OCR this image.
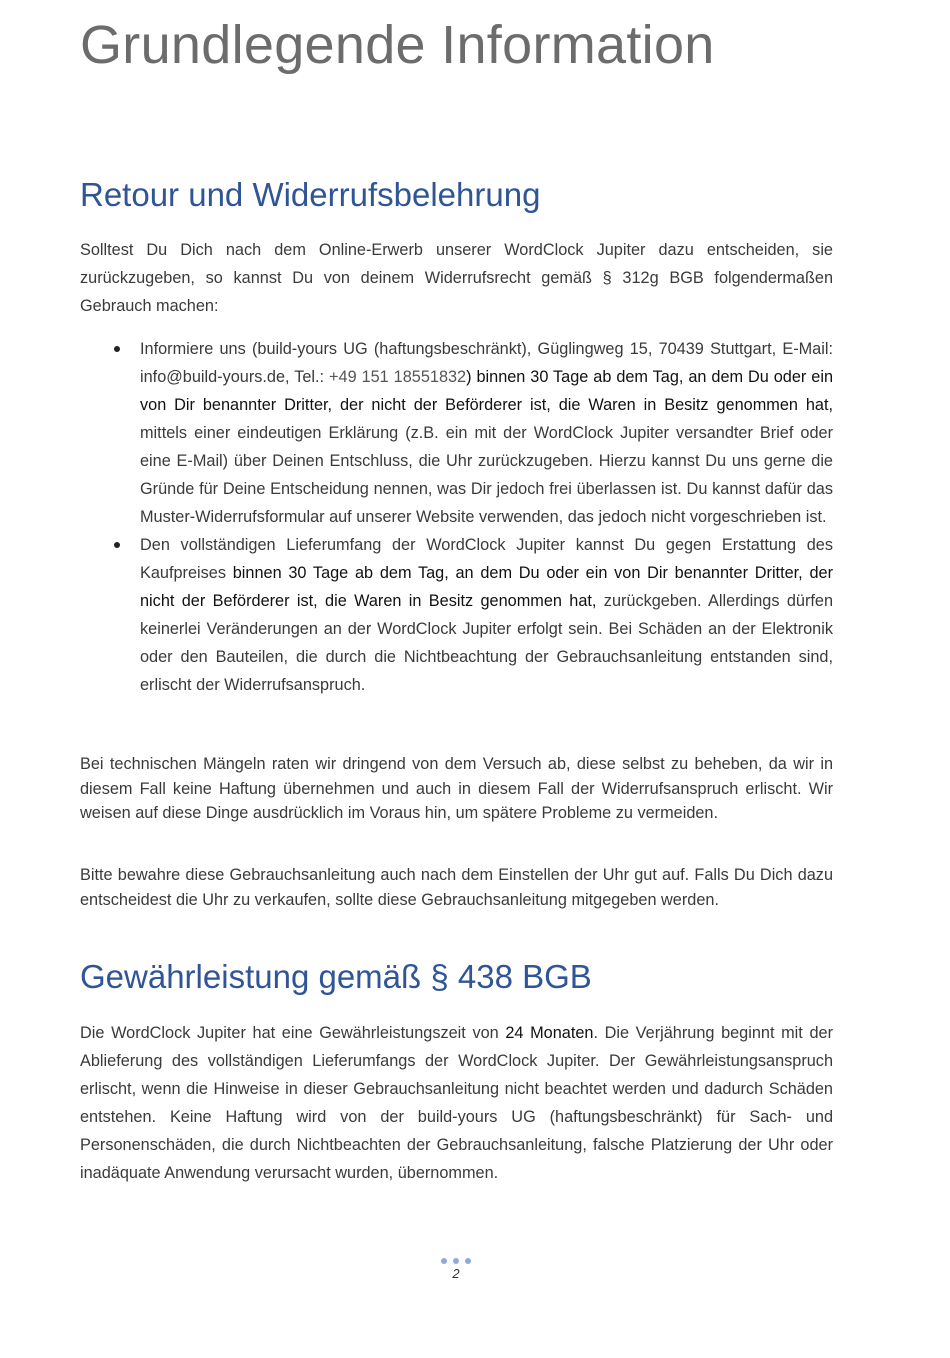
Grundlegende Information
Retour und Widerrufsbelehrung

Solltest Du Dich nach dem Online-Erwerb unserer WordClock Jupiter dazu entscheiden, sie zurückzugeben, so kannst Du von deinem Widerrufsrecht gemäß § 312g BGB folgendermaßen Gebrauch machen:

Informiere uns (build-yours UG (haftungsbeschränkt), Güglingweg 15, 70439 Stuttgart, E-Mail: info@build-yours.de, Tel.: +49 151 18551832) binnen 30 Tage ab dem Tag, an dem Du oder ein von Dir benannter Dritter, der nicht der Beförderer ist, die Waren in Besitz genommen hat, mittels einer eindeutigen Erklärung (z.B. ein mit der WordClock Jupiter versandter Brief oder eine E-Mail) über Deinen Entschluss, die Uhr zurückzugeben. Hierzu kannst Du uns gerne die Gründe für Deine Entscheidung nennen, was Dir jedoch frei überlassen ist. Du kannst dafür das Muster-Widerrufsformular auf unserer Website verwenden, das jedoch nicht vorgeschrieben ist.
Den vollständigen Lieferumfang der WordClock Jupiter kannst Du gegen Erstattung des Kaufpreises binnen 30 Tage ab dem Tag, an dem Du oder ein von Dir benannter Dritter, der nicht der Beförderer ist, die Waren in Besitz genommen hat, zurückgeben. Allerdings dürfen keinerlei Veränderungen an der WordClock Jupiter erfolgt sein. Bei Schäden an der Elektronik oder den Bauteilen, die durch die Nichtbeachtung der Gebrauchsanleitung entstanden sind, erlischt der Widerrufsanspruch.

Bei technischen Mängeln raten wir dringend von dem Versuch ab, diese selbst zu beheben, da wir in diesem Fall keine Haftung übernehmen und auch in diesem Fall der Widerrufsanspruch erlischt. Wir weisen auf diese Dinge ausdrücklich im Voraus hin, um spätere Probleme zu vermeiden.

Bitte bewahre diese Gebrauchsanleitung auch nach dem Einstellen der Uhr gut auf. Falls Du Dich dazu entscheidest die Uhr zu verkaufen, sollte diese Gebrauchsanleitung mitgegeben werden.

Gewährleistung gemäß § 438 BGB

Die WordClock Jupiter hat eine Gewährleistungszeit von 24 Monaten. Die Verjährung beginnt mit der Ablieferung des vollständigen Lieferumfangs der WordClock Jupiter. Der Gewährleistungsanspruch erlischt, wenn die Hinweise in dieser Gebrauchsanleitung nicht beachtet werden und dadurch Schäden entstehen. Keine Haftung wird von der build-yours UG (haftungsbeschränkt) für Sach- und Personenschäden, die durch Nichtbeachten der Gebrauchsanleitung, falsche Platzierung der Uhr oder inadäquate Anwendung verursacht wurden, übernommen.

2
